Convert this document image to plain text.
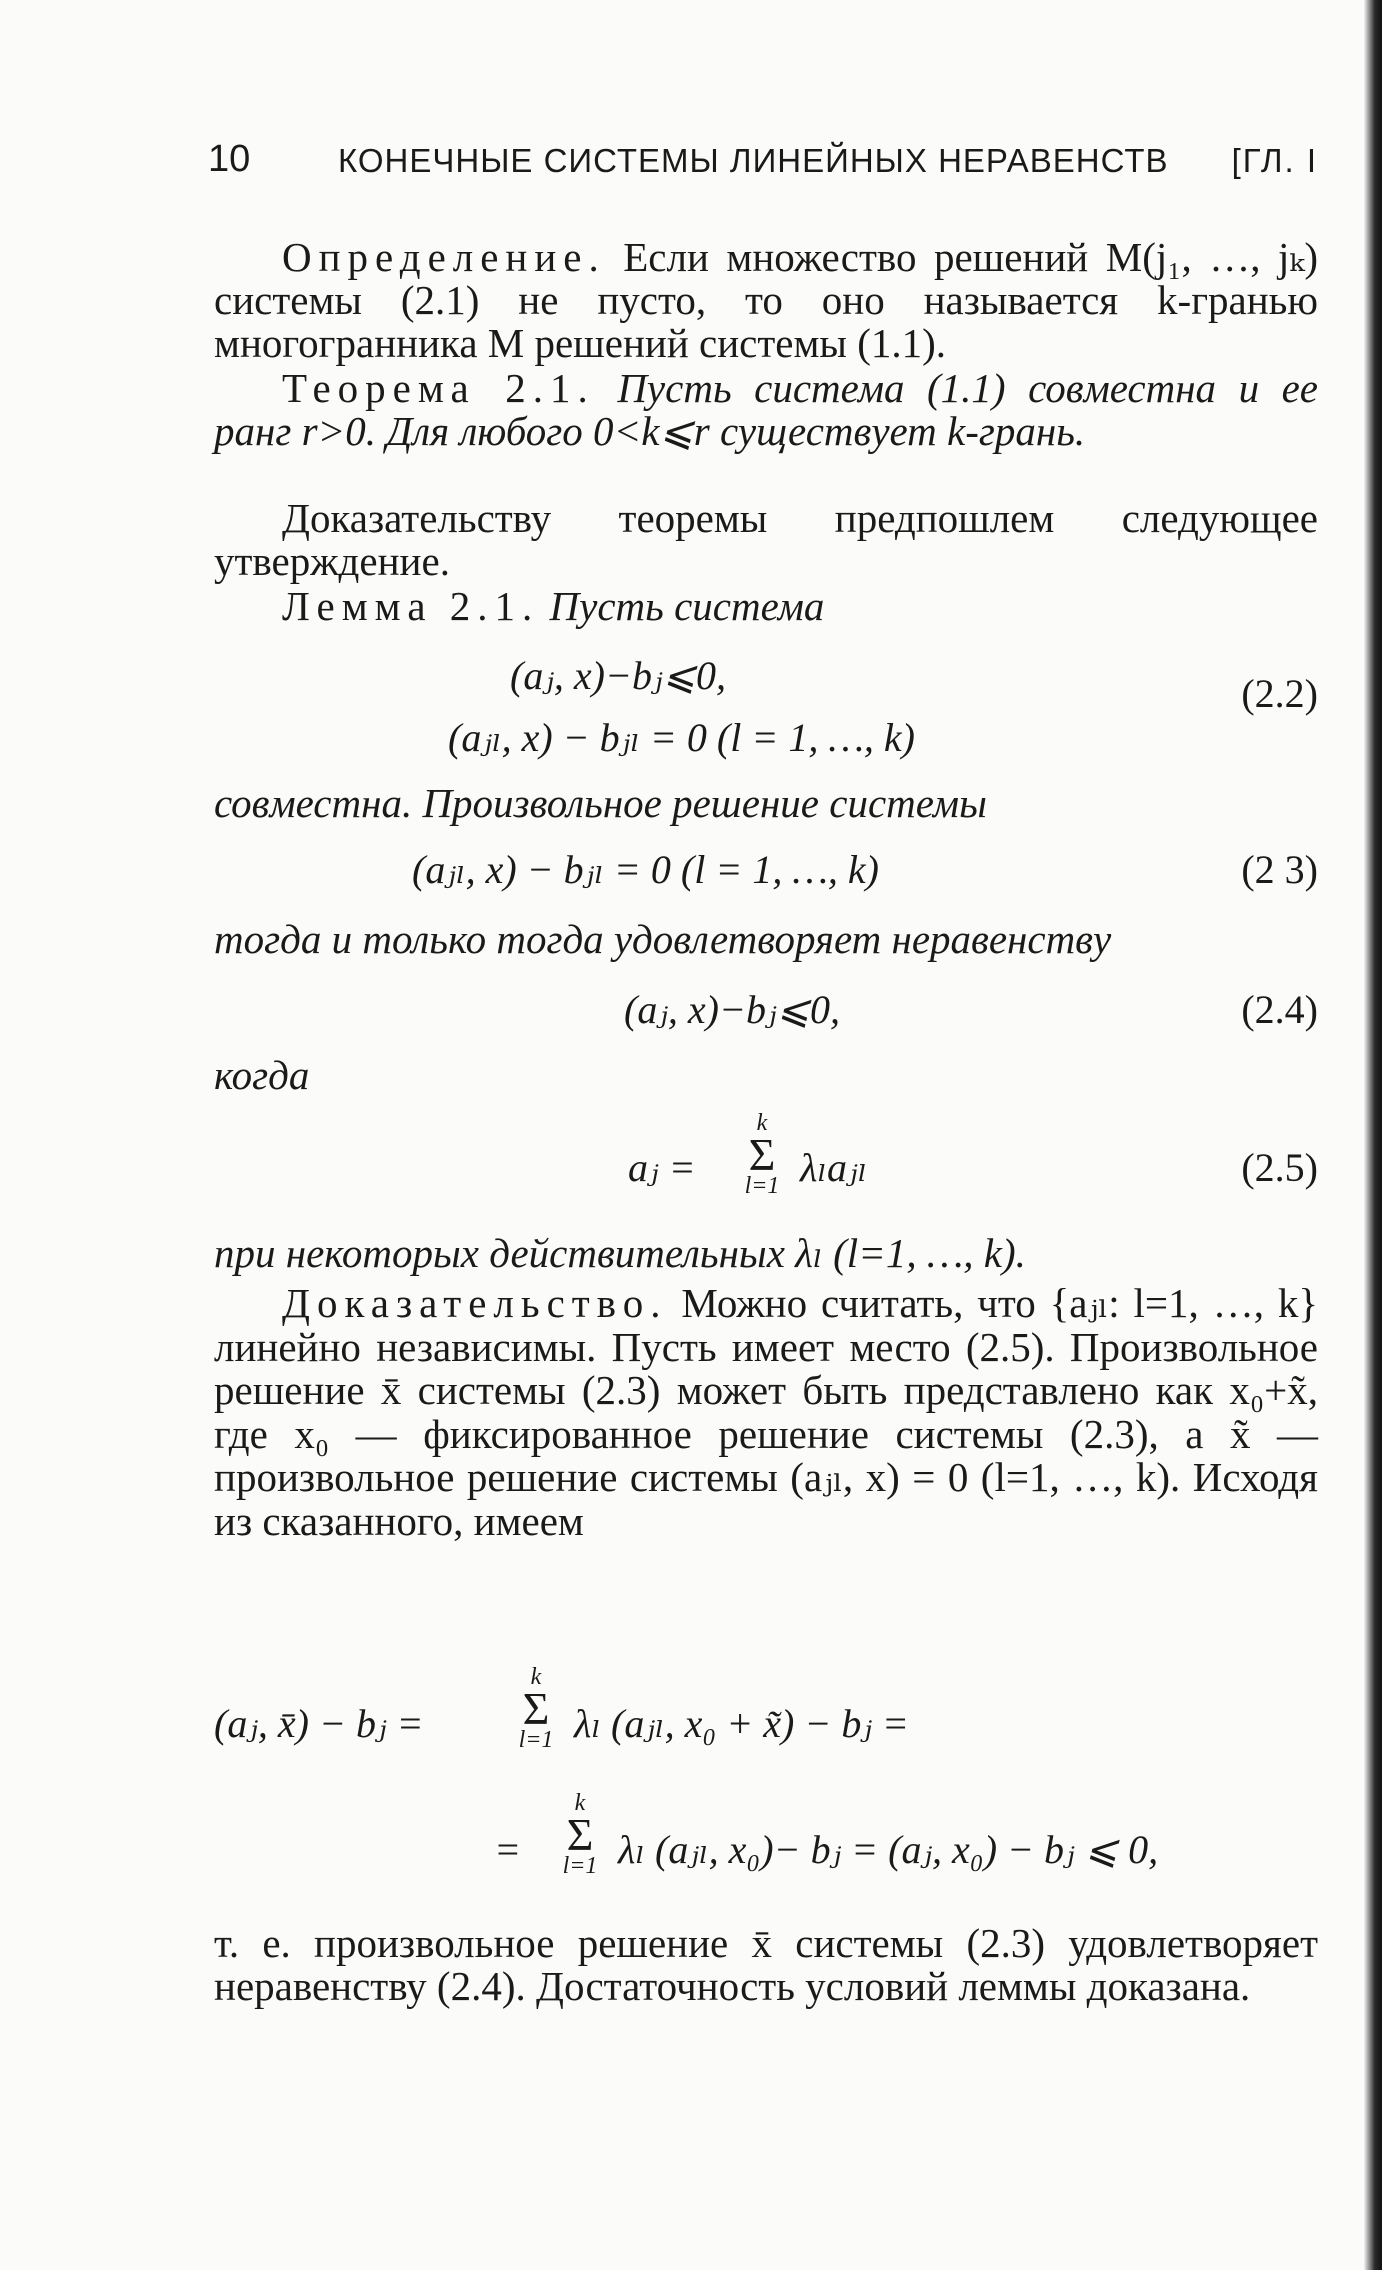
10	КОНЕЧНЫЕ СИСТЕМЫ ЛИНЕЙНЫХ НЕРАВЕНСТВ [ГЛ. I
Определение. Если множество решений M(j₁, …, jₖ) системы (2.1) не пусто, то оно называется k-гранью многогранника M решений системы (1.1).
Теорема 2.1. Пусть система (1.1) совместна и ее ранг r>0. Для любого 0<k⩽r существует k-грань.
Доказательству теоремы предпошлем следующее утверждение.
Лемма 2.1. Пусть система
(aⱼ, x)−bⱼ⩽0,
(aⱼₗ, x) − bⱼₗ = 0 (l = 1, …, k)
(2.2)
совместна. Произвольное решение системы
(aⱼₗ, x) − bⱼₗ = 0 (l = 1, …, k)	(2 3)
тогда и только тогда удовлетворяет неравенству
(aⱼ, x)−bⱼ⩽0,	(2.4)
когда
aⱼ =
k
Σ
l=1 λₗaⱼₗ	(2.5)
при некоторых действительных λₗ (l=1, …, k).
Доказательство. Можно считать, что {aⱼₗ: l=1, …, k} линейно независимы. Пусть имеет место (2.5). Произвольное решение x̄ системы (2.3) может быть представлено как x₀+x̃, где x₀ — фиксированное решение системы (2.3), а x̃ — произвольное решение системы (aⱼₗ, x) = 0 (l=1, …, k). Исходя из сказанного, имеем
(aⱼ, x̄) − bⱼ =
k
Σ
l=1 λₗ (aⱼₗ, x₀ + x̃) − bⱼ =
=
k
Σ
l=1 λₗ (aⱼₗ, x₀)− bⱼ = (aⱼ, x₀) − bⱼ ⩽ 0,
т. е. произвольное решение x̄ системы (2.3) удовлетворяет неравенству (2.4). Достаточность условий леммы доказана.
